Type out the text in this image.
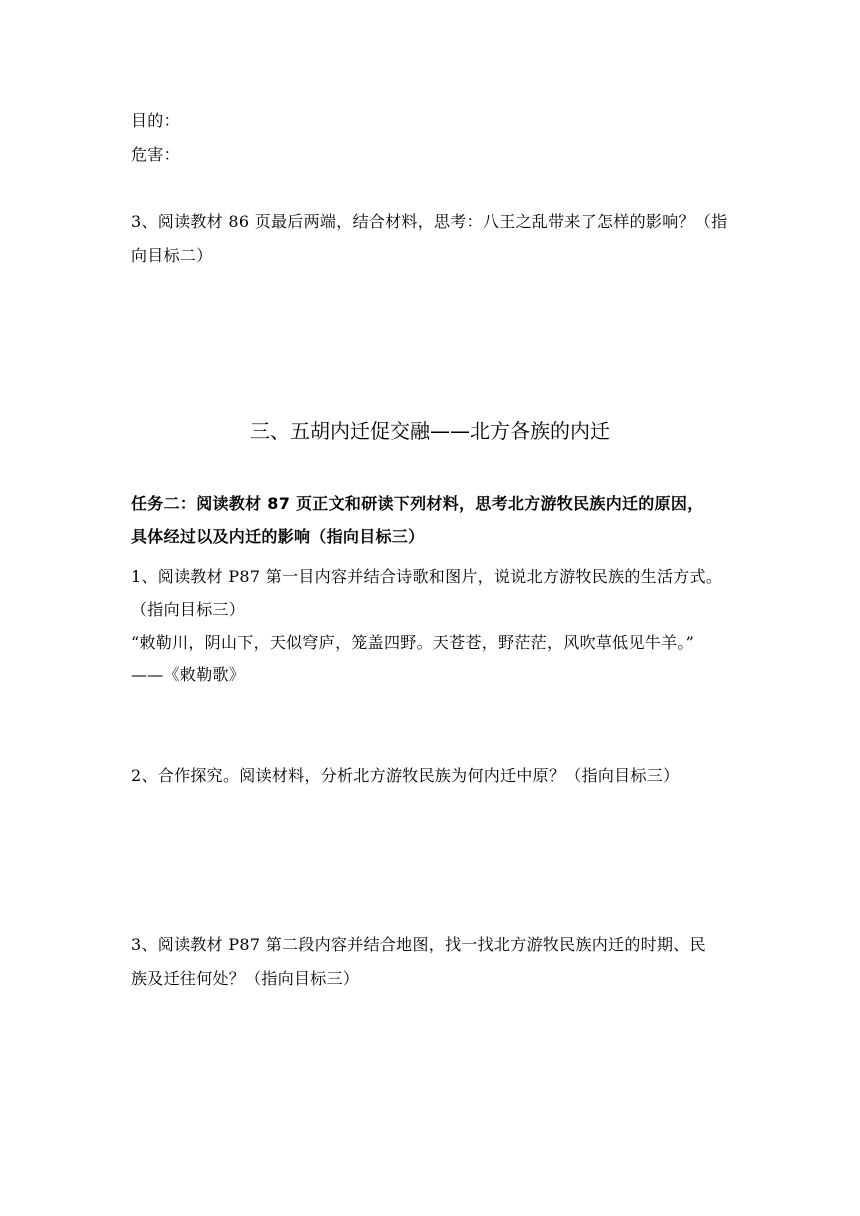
目的：
危害：
3、阅读教材 86 页最后两端，结合材料，思考：八王之乱带来了怎样的影响？（指
向目标二）
三、五胡内迁促交融——北方各族的内迁
任务二：阅读教材 87 页正文和研读下列材料，思考北方游牧民族内迁的原因，
具体经过以及内迁的影响（指向目标三）
1、阅读教材 P87 第一目内容并结合诗歌和图片，说说北方游牧民族的生活方式。
（指向目标三）
“敕勒川，阴山下，天似穹庐，笼盖四野。天苍苍，野茫茫，风吹草低见牛羊。”
——《敕勒歌》
2、合作探究。阅读材料，分析北方游牧民族为何内迁中原？（指向目标三）
3、阅读教材 P87 第二段内容并结合地图，找一找北方游牧民族内迁的时期、民
族及迁往何处？（指向目标三）
